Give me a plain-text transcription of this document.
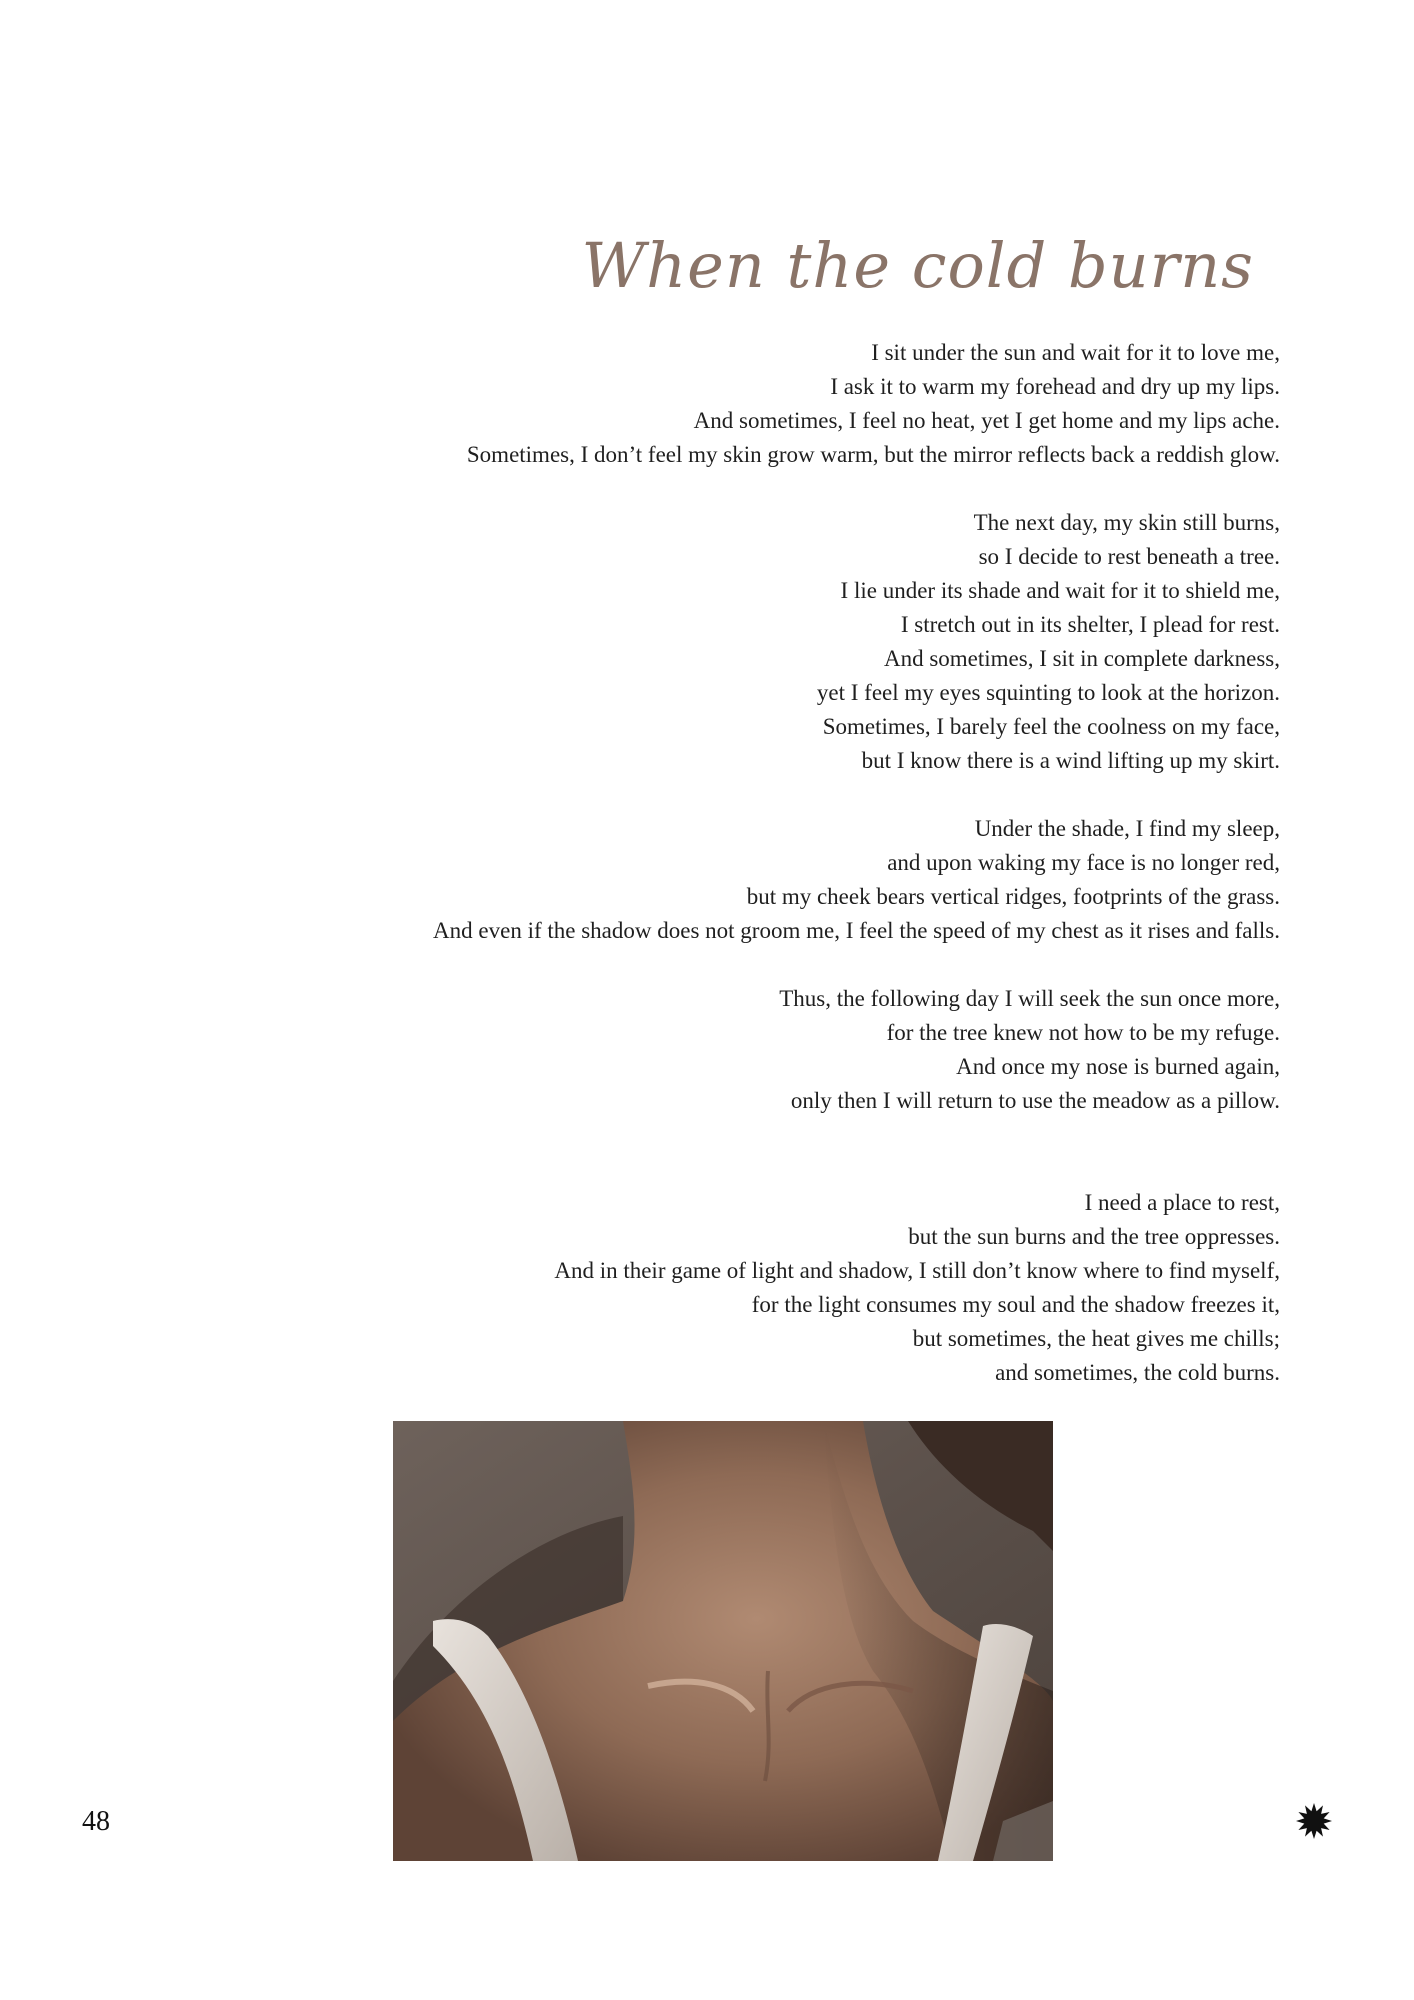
When the cold burns
I sit under the sun and wait for it to love me,
I ask it to warm my forehead and dry up my lips.
And sometimes, I feel no heat, yet I get home and my lips ache.
Sometimes, I don’t feel my skin grow warm, but the mirror reflects back a reddish glow.
The next day, my skin still burns,
so I decide to rest beneath a tree.
I lie under its shade and wait for it to shield me,
I stretch out in its shelter, I plead for rest.
And sometimes, I sit in complete darkness,
yet I feel my eyes squinting to look at the horizon.
Sometimes, I barely feel the coolness on my face,
but I know there is a wind lifting up my skirt.
Under the shade, I find my sleep,
and upon waking my face is no longer red,
but my cheek bears vertical ridges, footprints of the grass.
And even if the shadow does not groom me, I feel the speed of my chest as it rises and falls.
Thus, the following day I will seek the sun once more,
for the tree knew not how to be my refuge.
And once my nose is burned again,
only then I will return to use the meadow as a pillow.
I need a place to rest,
but the sun burns and the tree oppresses.
And in their game of light and shadow, I still don’t know where to find myself,
for the light consumes my soul and the shadow freezes it,
but sometimes, the heat gives me chills;
and sometimes, the cold burns.
48
